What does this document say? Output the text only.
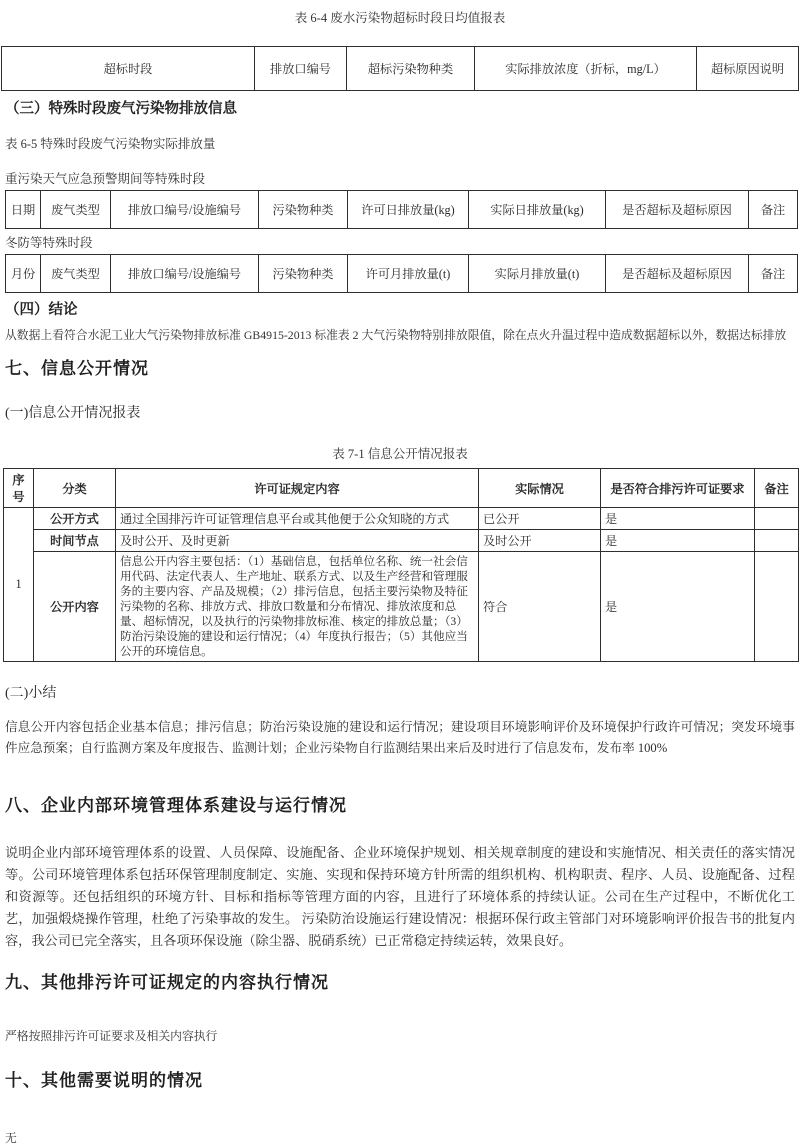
表 6-4 废水污染物超标时段日均值报表
超标时段	排放口编号	超标污染物种类	实际排放浓度（折标，mg/L）	超标原因说明
（三）特殊时段废气污染物排放信息
表 6-5 特殊时段废气污染物实际排放量
重污染天气应急预警期间等特殊时段
日期	废气类型	排放口编号/设施编号	污染物种类	许可日排放量(kg)	实际日排放量(kg)	是否超标及超标原因	备注
冬防等特殊时段
月份	废气类型	排放口编号/设施编号	污染物种类	许可月排放量(t)	实际月排放量(t)	是否超标及超标原因	备注
（四）结论
从数据上看符合水泥工业大气污染物排放标准 GB4915-2013 标准表 2 大气污染物特别排放限值，除在点火升温过程中造成数据超标以外，数据达标排放
七、信息公开情况
(一)信息公开情况报表
表 7-1 信息公开情况报表
序号	分类	许可证规定内容	实际情况	是否符合排污许可证要求	备注
1	公开方式	通过全国排污许可证管理信息平台或其他便于公众知晓的方式	已公开	是	
	时间节点	及时公开、及时更新	及时公开	是	
	公开内容	信息公开内容主要包括：（1）基础信息，包括单位名称、统一社会信用代码、法定代表人、生产地址、联系方式、以及生产经营和管理服务的主要内容、产品及规模；（2）排污信息，包括主要污染物及特征污染物的名称、排放方式、排放口数量和分布情况、排放浓度和总量、超标情况，以及执行的污染物排放标准、核定的排放总量；（3）防治污染设施的建设和运行情况；（4）年度执行报告；（5）其他应当公开的环境信息。	符合	是	
(二)小结
信息公开内容包括企业基本信息；排污信息；防治污染设施的建设和运行情况；建设项目环境影响评价及环境保护行政许可情况；突发环境事件应急预案；自行监测方案及年度报告、监测计划；企业污染物自行监测结果出来后及时进行了信息发布，发布率 100%
八、企业内部环境管理体系建设与运行情况
说明企业内部环境管理体系的设置、人员保障、设施配备、企业环境保护规划、相关规章制度的建设和实施情况、相关责任的落实情况等。公司环境管理体系包括环保管理制度制定、实施、实现和保持环境方针所需的组织机构、机构职责、程序、人员、设施配备、过程和资源等。还包括组织的环境方针、目标和指标等管理方面的内容，且进行了环境体系的持续认证。公司在生产过程中，不断优化工艺，加强煅烧操作管理，杜绝了污染事故的发生。 污染防治设施运行建设情况：根据环保行政主管部门对环境影响评价报告书的批复内容，我公司已完全落实，且各项环保设施（除尘器、脱硝系统）已正常稳定持续运转，效果良好。
九、其他排污许可证规定的内容执行情况
严格按照排污许可证要求及相关内容执行
十、其他需要说明的情况
无
